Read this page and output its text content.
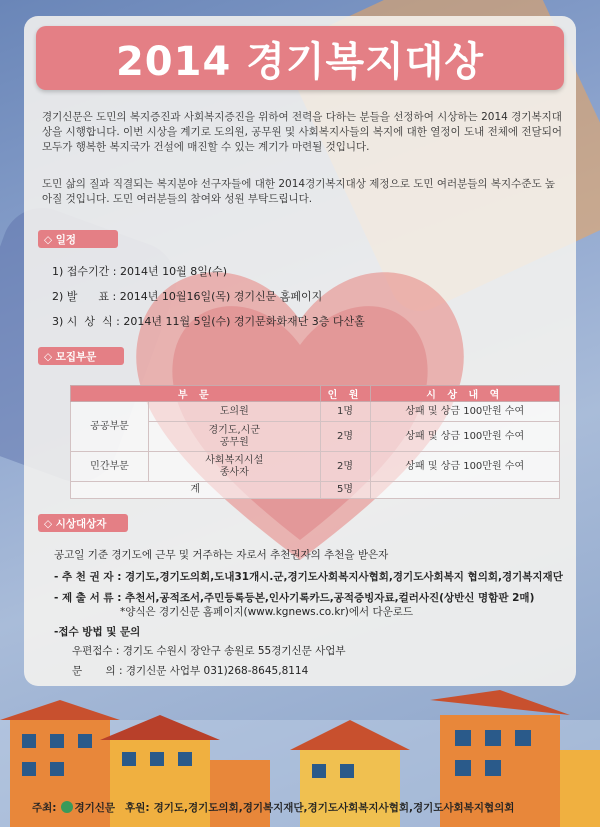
2014 경기복지대상

경기신문은 도민의 복지증진과 사회복지증진을 위하여 전력을 다하는 분들을 선정하여 시상하는 2014 경기복지대상을 시행합니다. 이번 시상을 계기로 도의원, 공무원 및 사회복지사들의 복지에 대한 열정이 도내 전체에 전달되어 모두가 행복한 복지국가 건설에 매진할 수 있는 계기가 마련될 것입니다.

도민 삶의 질과 직결되는 복지분야 선구자들에 대한 2014경기복지대상 제정으로 도민 여러분들의 복지수준도 높아질 것입니다. 도민 여러분들의 참여와 성원 부탁드립니다.

◇ 일정
1) 접수기간 : 2014년 10월 8일(수)
2) 발      표 : 2014년 10월16일(목) 경기신문 홈페이지
3) 시  상  식 : 2014년 11월 5일(수) 경기문화화재단 3층 다산홀
◇ 모집부문
부 문		인 원	시 상 내 역
공공부문	도의원	1명	상패 및 상금 100만원 수여
	경기도,시군
공무원	2명	상패 및 상금 100만원 수여
민간부문	사회복지시설
종사자	2명	상패 및 상금 100만원 수여
계		5명	
◇ 시상대상자
공고일 기준 경기도에 근무 및 거주하는 자로서 추천권자의 추천을 받은자
- 추 천 권 자 : 경기도,경기도의회,도내31개시.군,경기도사회복지사협회,경기도사회복지 협의회,경기복지재단
- 제 출 서 류 : 추천서,공적조서,주민등록등본,인사기록카드,공적증빙자료,컬러사진(상반신 명함판 2매)
*양식은 경기신문 홈페이지(www.kgnews.co.kr)에서 다운로드
-접수 방법 및 문의
우편접수 : 경기도 수원시 장안구 송원로 55경기신문 사업부
문       의 : 경기신문 사업부 031)268-8645,8114
주최: 경기신문 후원: 경기도,경기도의회,경기복지재단,경기도사회복지사협회,경기도사회복지협의회
